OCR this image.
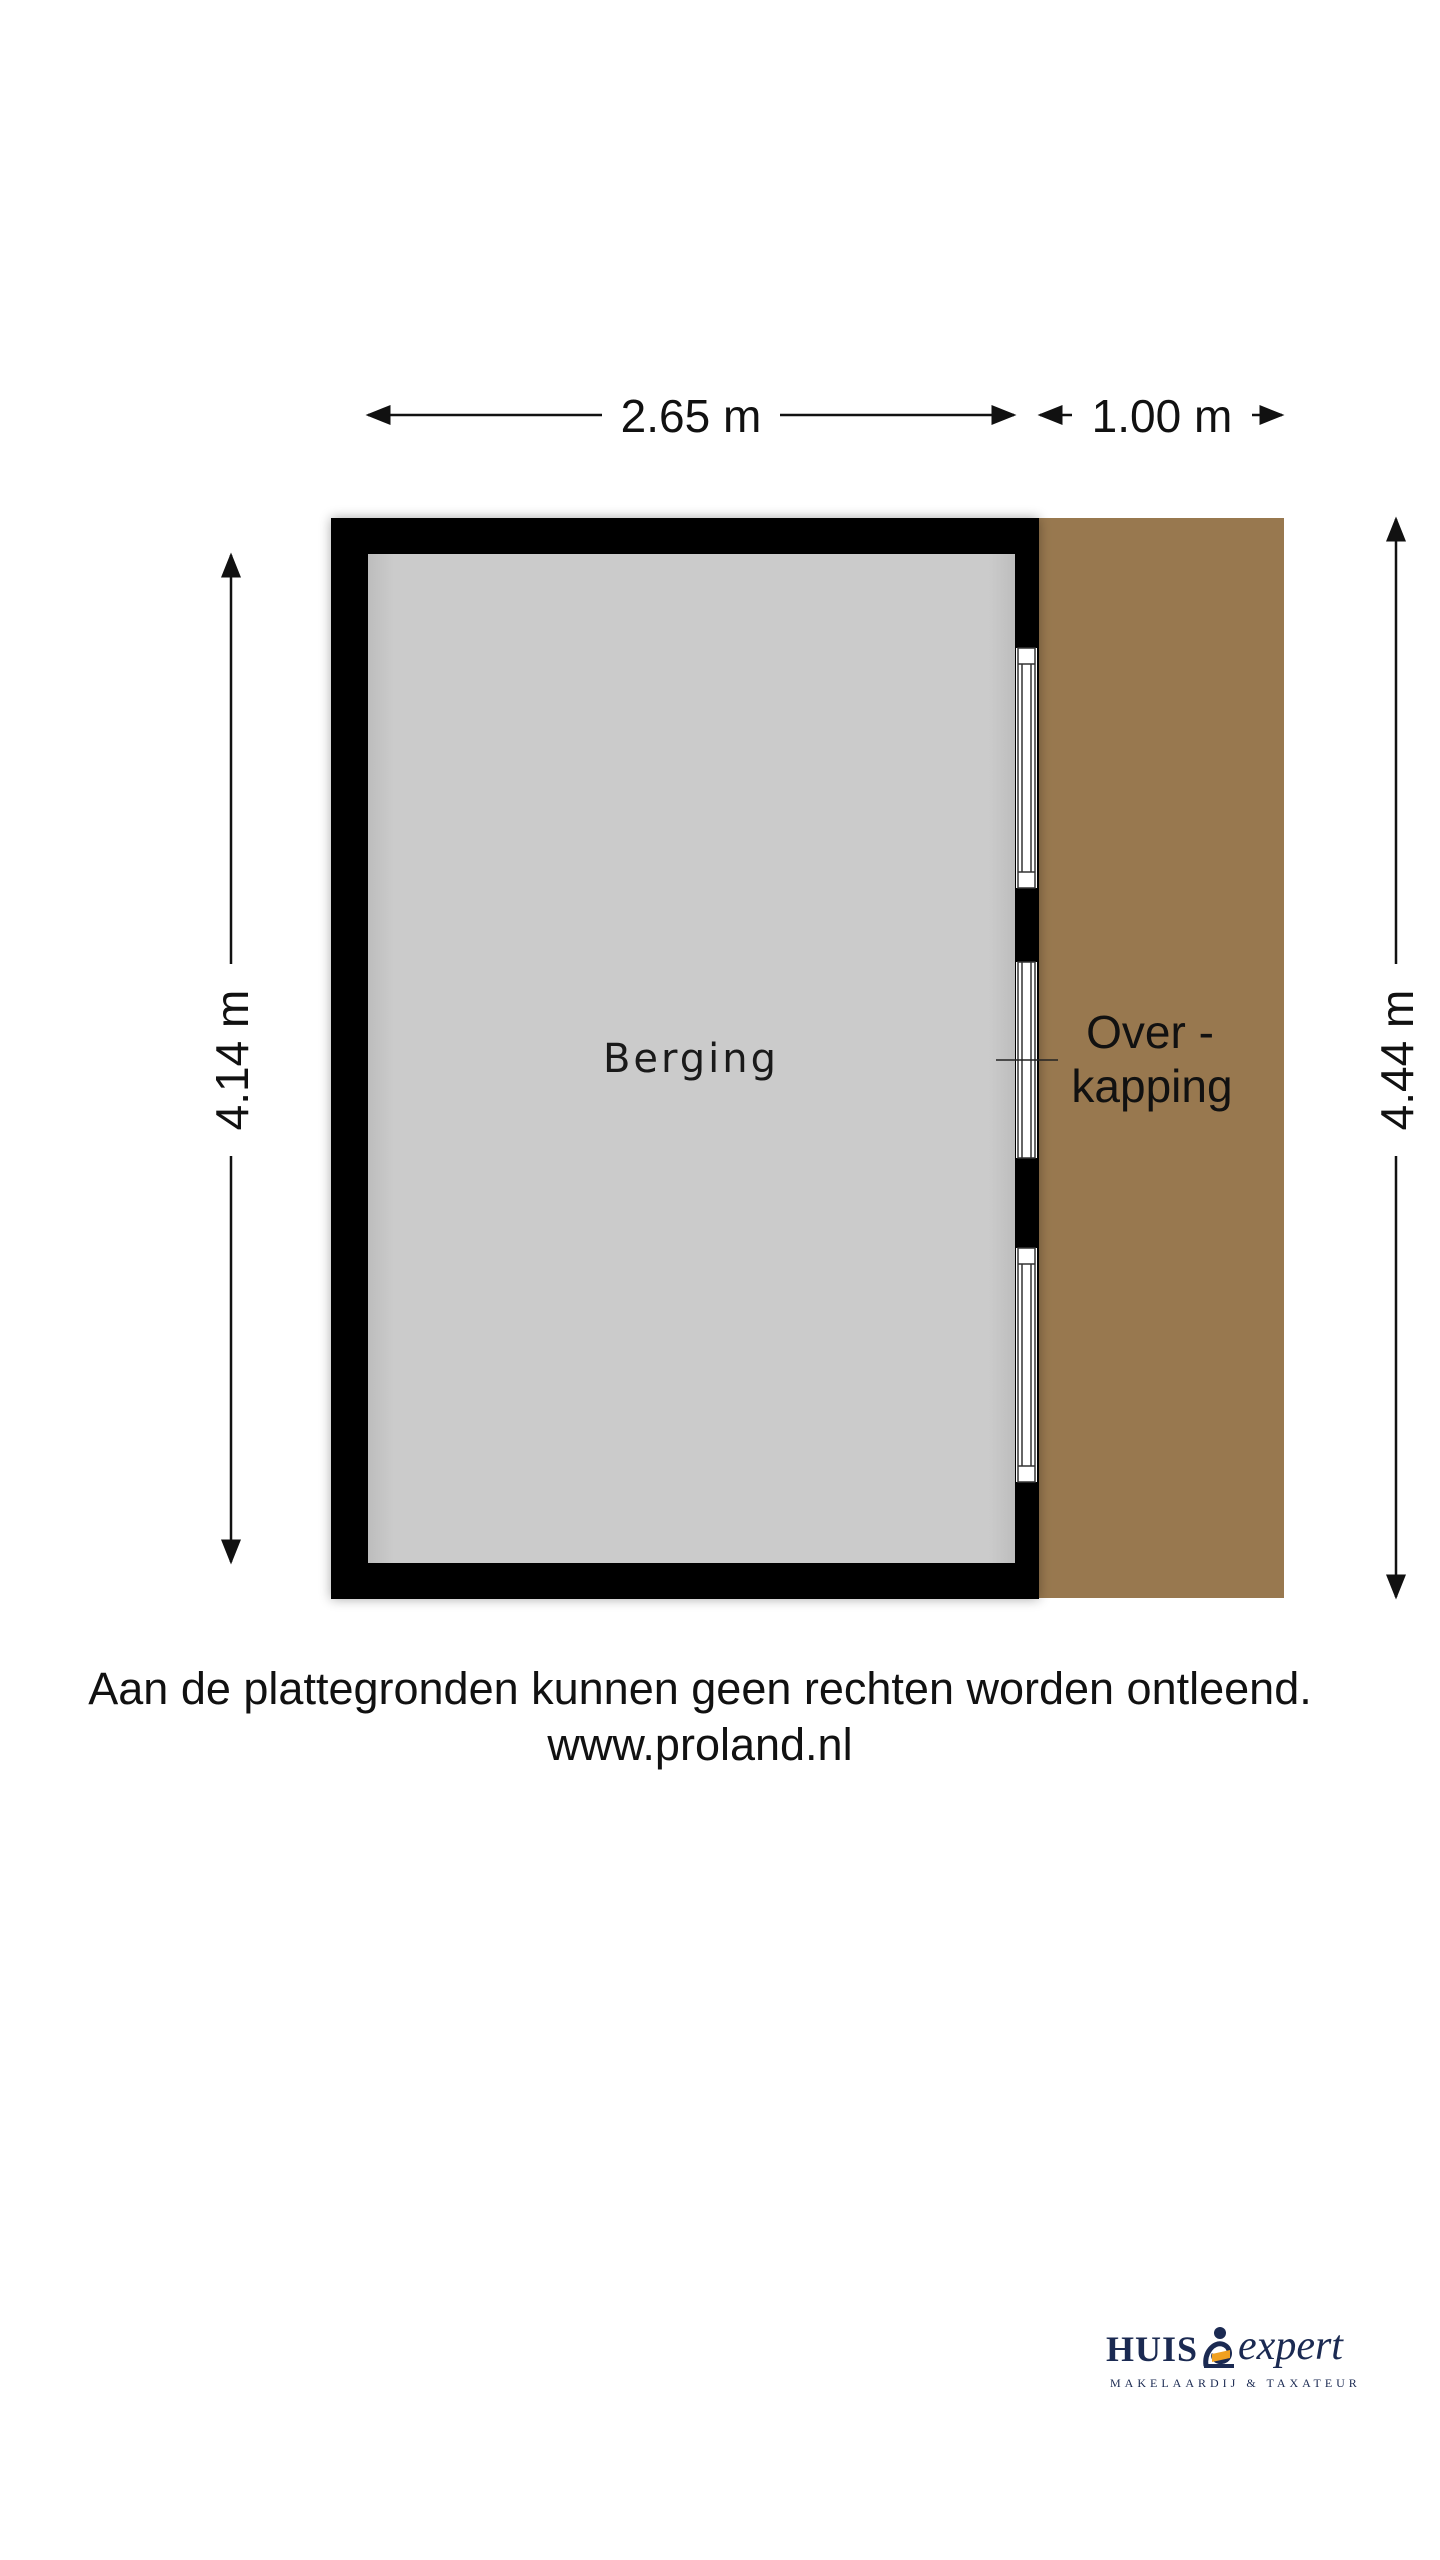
2.65 m	1.00 m
4.14 m	4.44 m
Berging
Over -
kapping
Aan de plattegronden kunnen geen rechten worden ontleend.
www.proland.nl
HUIS expert
MAKELAARDIJ & TAXATEUR
